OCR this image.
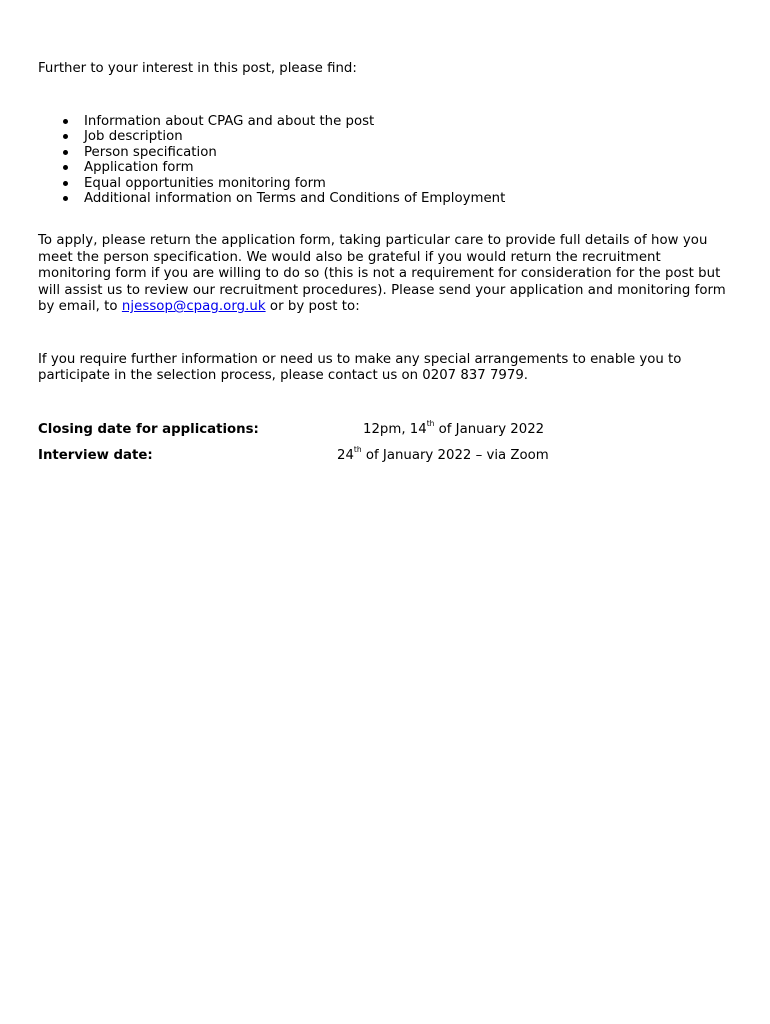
Further to your interest in this post, please find:

Information about CPAG and about the post
Job description
Person specification
Application form
Equal opportunities monitoring form
Additional information on Terms and Conditions of Employment

To apply, please return the application form, taking particular care to provide full details of how you meet the person specification. We would also be grateful if you would return the recruitment monitoring form if you are willing to do so (this is not a requirement for consideration for the post but will assist us to review our recruitment procedures). Please send your application and monitoring form by email, to njessop@cpag.org.uk or by post to:

If you require further information or need us to make any special arrangements to enable you to participate in the selection process, please contact us on 0207 837 7979.

Closing date for applications:	12pm, 14th of January 2022
Interview date:	24th of January 2022 – via Zoom
